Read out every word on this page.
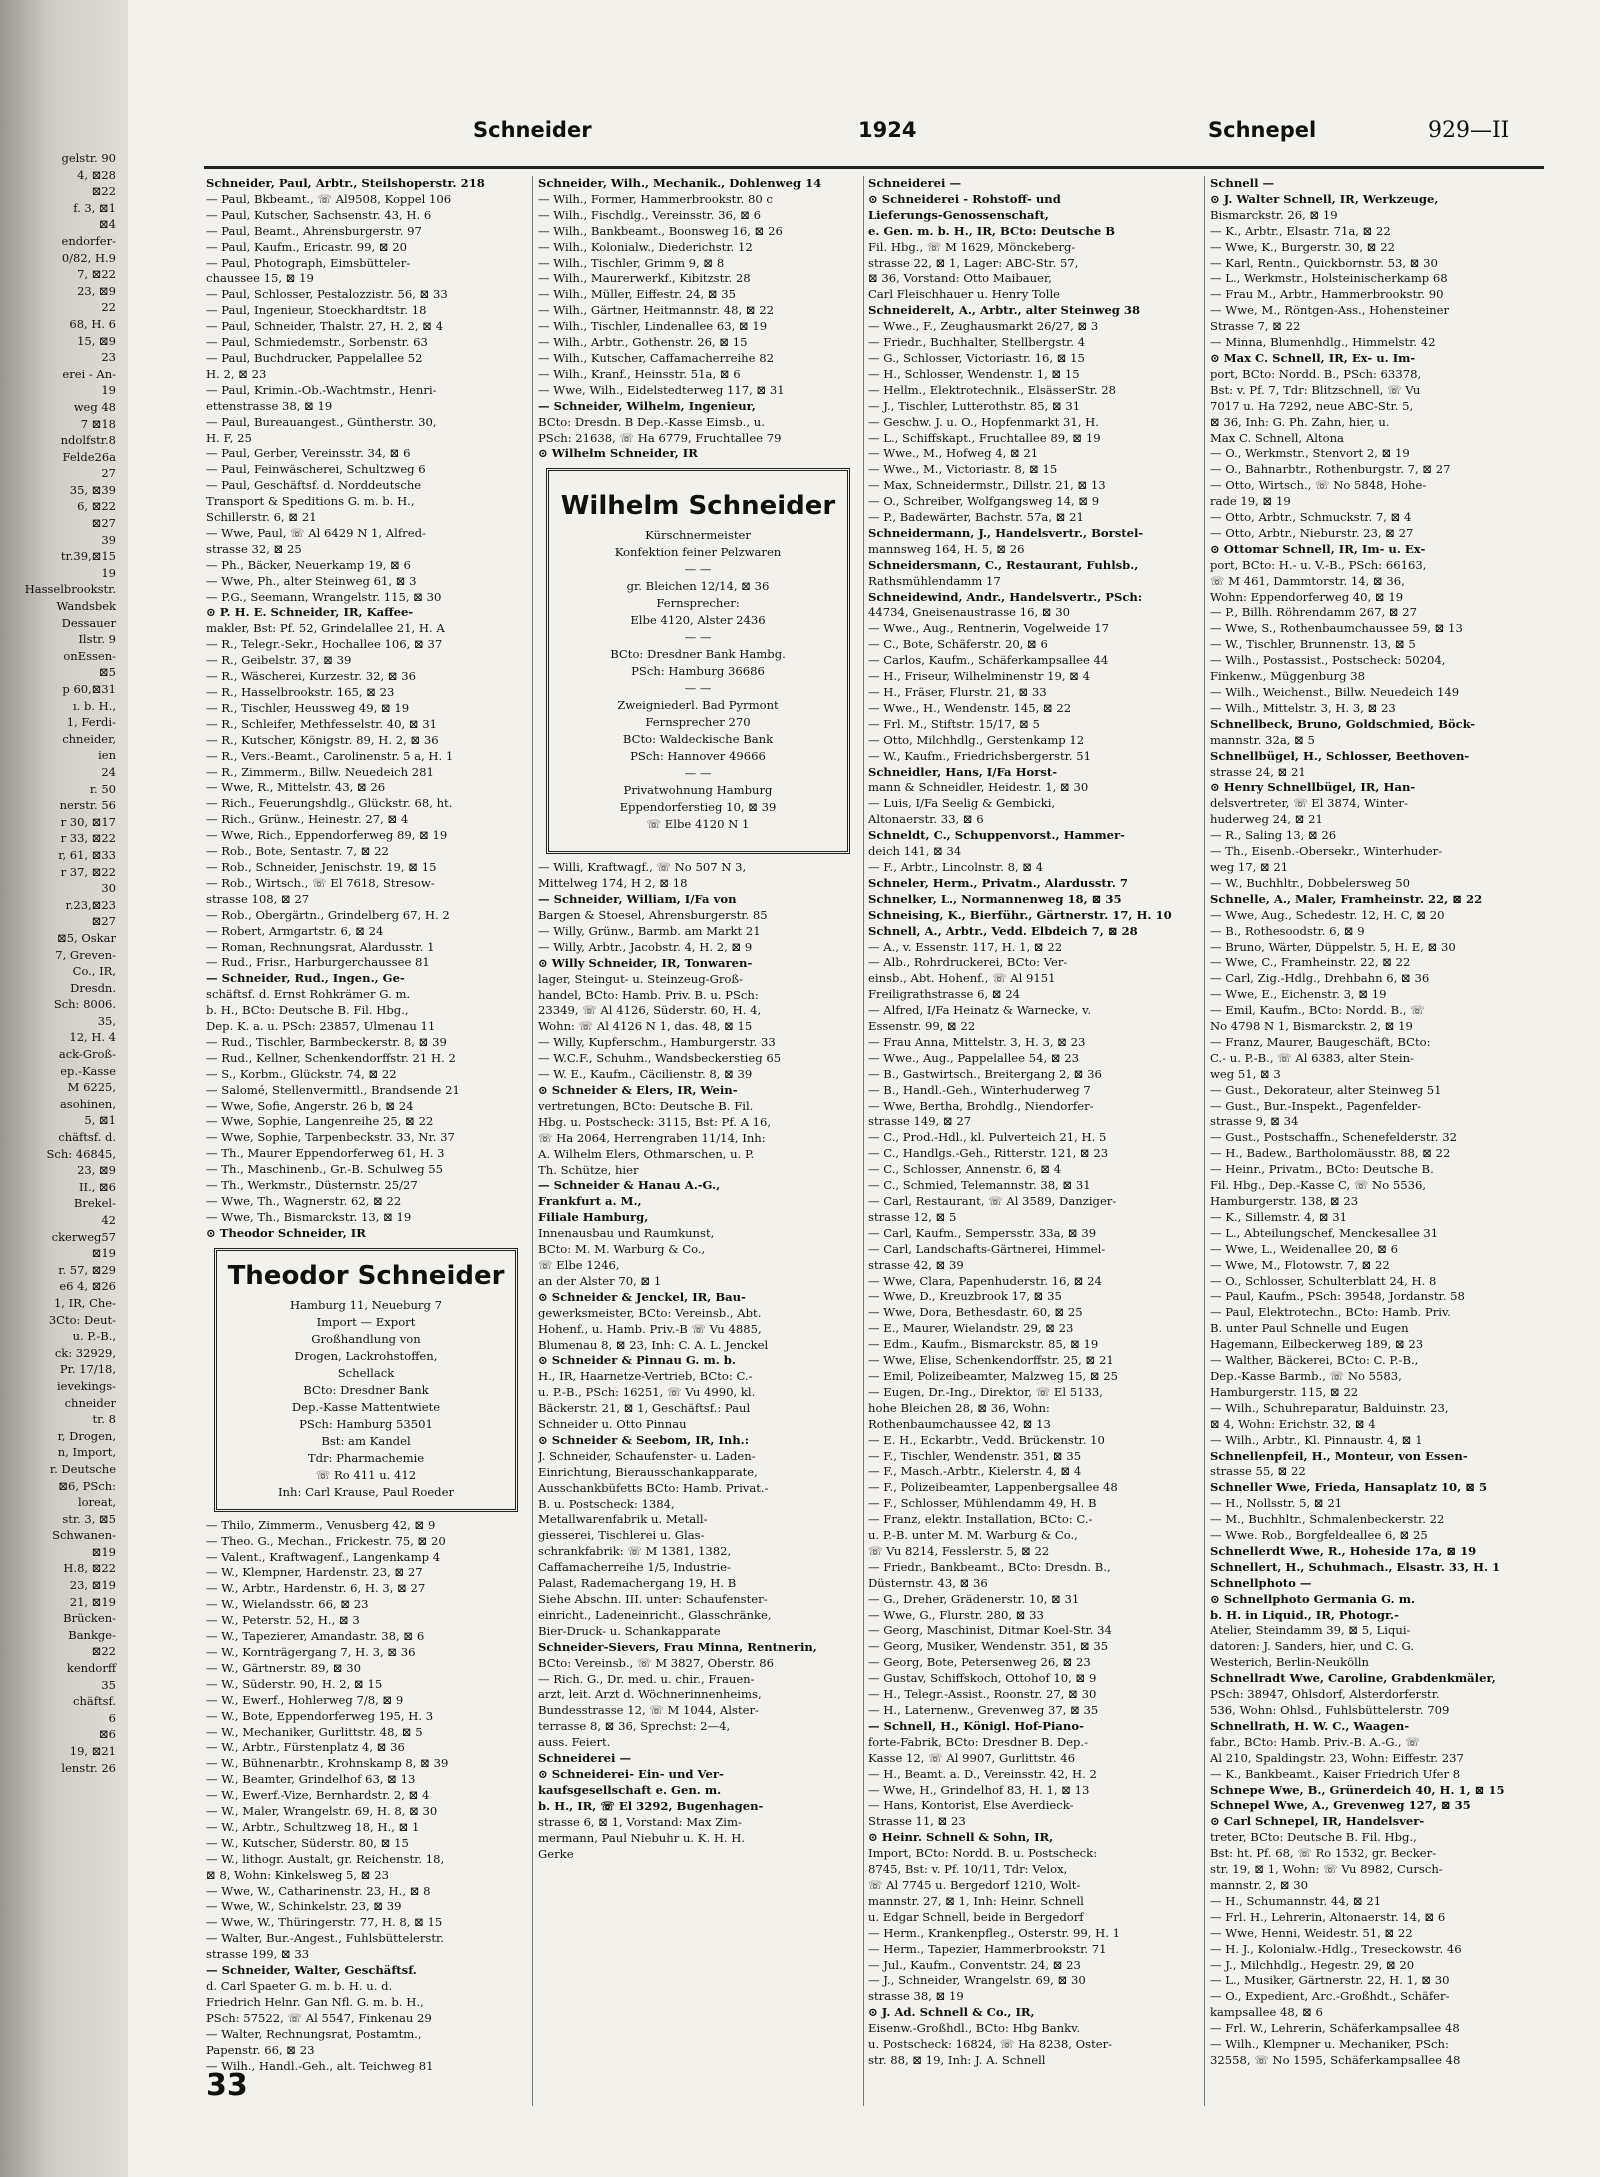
gelstr. 90
4, ⊠28
⊠22
f. 3, ⊠1
⊠4
endorfer-
0/82, H.9
7, ⊠22
23, ⊠9
22
68, H. 6
15, ⊠9
23
erei - An-
19
weg 48
7 ⊠18
ndolfstr.8
Felde26a
27
35, ⊠39
6, ⊠22
⊠27
39
tr.39,⊠15
19
Hasselbrookstr.
Wandsbek
Dessauer
Ilstr. 9
onEssen-
⊠5
p 60,⊠31
ı. b. H.,
1, Ferdi-
chneider,
ien
24
r. 50
nerstr. 56
r 30, ⊠17
r 33, ⊠22
r, 61, ⊠33
r 37, ⊠22
30
r.23,⊠23
⊠27
⊠5, Oskar
7, Greven-
Co., IR,
Dresdn.
Sch: 8006.
35,
12, H. 4
ack-Groß-
ep.-Kasse
M 6225,
asohinen,
5, ⊠1
chäftsf. d.
Sch: 46845,
23, ⊠9
II., ⊠6
Brekel-
42
ckerweg57
⊠19
r. 57, ⊠29
e6 4, ⊠26
1, IR, Che-
3Cto: Deut-
u. P.-B.,
ck: 32929,
Pr. 17/18,
ievekings-
chneider
tr. 8
r, Drogen,
n, Import,
r. Deutsche
⊠6, PSch:
loreat,
str. 3, ⊠5
Schwanen-
⊠19
H.8, ⊠22
23, ⊠19
21, ⊠19
Brücken-
Bankge-
⊠22
kendorff
35
chäftsf.
6
⊠6
19, ⊠21
lenstr. 26
Schneider	1924	Schnepel	929—II
Schneider, Paul, Arbtr., Steilshoperstr. 218
— Paul, Bkbeamt., ☏ Al9508, Koppel 106
— Paul, Kutscher, Sachsenstr. 43, H. 6
— Paul, Beamt., Ahrensburgerstr. 97
— Paul, Kaufm., Ericastr. 99, ⊠ 20
— Paul, Photograph, Eimsbütteler-
chaussee 15, ⊠ 19
— Paul, Schlosser, Pestalozzistr. 56, ⊠ 33
— Paul, Ingenieur, Stoeckhardtstr. 18
— Paul, Schneider, Thalstr. 27, H. 2, ⊠ 4
— Paul, Schmiedemstr., Sorbenstr. 63
— Paul, Buchdrucker, Pappelallee 52
H. 2, ⊠ 23
— Paul, Krimin.-Ob.-Wachtmstr., Henri-
ettenstrasse 38, ⊠ 19
— Paul, Bureauangest., Güntherstr. 30,
H. F, 25
— Paul, Gerber, Vereinsstr. 34, ⊠ 6
— Paul, Feinwäscherei, Schultzweg 6
— Paul, Geschäftsf. d. Norddeutsche
Transport & Speditions G. m. b. H.,
Schillerstr. 6, ⊠ 21
— Wwe, Paul, ☏ Al 6429 N 1, Alfred-
strasse 32, ⊠ 25
— Ph., Bäcker, Neuerkamp 19, ⊠ 6
— Wwe, Ph., alter Steinweg 61, ⊠ 3
— P.G., Seemann, Wrangelstr. 115, ⊠ 30
⊙ P. H. E. Schneider, IR, Kaffee-
makler, Bst: Pf. 52, Grindelallee 21, H. A
— R., Telegr.-Sekr., Hochallee 106, ⊠ 37
— R., Geibelstr. 37, ⊠ 39
— R., Wäscherei, Kurzestr. 32, ⊠ 36
— R., Hasselbrookstr. 165, ⊠ 23
— R., Tischler, Heussweg 49, ⊠ 19
— R., Schleifer, Methfesselstr. 40, ⊠ 31
— R., Kutscher, Königstr. 89, H. 2, ⊠ 36
— R., Vers.-Beamt., Carolinenstr. 5 a, H. 1
— R., Zimmerm., Billw. Neuedeich 281
— Wwe, R., Mittelstr. 43, ⊠ 26
— Rich., Feuerungshdlg., Glückstr. 68, ht.
— Rich., Grünw., Heinestr. 27, ⊠ 4
— Wwe, Rich., Eppendorferweg 89, ⊠ 19
— Rob., Bote, Sentastr. 7, ⊠ 22
— Rob., Schneider, Jenischstr. 19, ⊠ 15
— Rob., Wirtsch., ☏ El 7618, Stresow-
strasse 108, ⊠ 27
— Rob., Obergärtn., Grindelberg 67, H. 2
— Robert, Armgartstr. 6, ⊠ 24
— Roman, Rechnungsrat, Alardusstr. 1
— Rud., Frisr., Harburgerchaussee 81
— Schneider, Rud., Ingen., Ge-
schäftsf. d. Ernst Rohkrämer G. m.
b. H., BCto: Deutsche B. Fil. Hbg.,
Dep. K. a. u. PSch: 23857, Ulmenau 11
— Rud., Tischler, Barmbeckerstr. 8, ⊠ 39
— Rud., Kellner, Schenkendorffstr. 21 H. 2
— S., Korbm., Glückstr. 74, ⊠ 22
— Salomé, Stellenvermittl., Brandsende 21
— Wwe, Sofie, Angerstr. 26 b, ⊠ 24
— Wwe, Sophie, Langenreihe 25, ⊠ 22
— Wwe, Sophie, Tarpenbeckstr. 33, Nr. 37
— Th., Maurer Eppendorferweg 61, H. 3
— Th., Maschinenb., Gr.-B. Schulweg 55
— Th., Werkmstr., Düsternstr. 25/27
— Wwe, Th., Wagnerstr. 62, ⊠ 22
— Wwe, Th., Bismarckstr. 13, ⊠ 19
⊙ Theodor Schneider, IR
Theodor Schneider
Hamburg 11, Neueburg 7
Import — Export
Großhandlung von
Drogen, Lackrohstoffen,
Schellack
BCto: Dresdner Bank
Dep.-Kasse Mattentwiete
PSch: Hamburg 53501
Bst: am Kandel
Tdr: Pharmachemie
☏ Ro 411 u. 412
Inh: Carl Krause, Paul Roeder
— Thilo, Zimmerm., Venusberg 42, ⊠ 9
— Theo. G., Mechan., Frickestr. 75, ⊠ 20
— Valent., Kraftwagenf., Langenkamp 4
— W., Klempner, Hardenstr. 23, ⊠ 27
— W., Arbtr., Hardenstr. 6, H. 3, ⊠ 27
— W., Wielandsstr. 66, ⊠ 23
— W., Peterstr. 52, H., ⊠ 3
— W., Tapezierer, Amandastr. 38, ⊠ 6
— W., Kornträgergang 7, H. 3, ⊠ 36
— W., Gärtnerstr. 89, ⊠ 30
— W., Süderstr. 90, H. 2, ⊠ 15
— W., Ewerf., Hohlerweg 7/8, ⊠ 9
— W., Bote, Eppendorferweg 195, H. 3
— W., Mechaniker, Gurlittstr. 48, ⊠ 5
— W., Arbtr., Fürstenplatz 4, ⊠ 36
— W., Bühnenarbtr., Krohnskamp 8, ⊠ 39
— W., Beamter, Grindelhof 63, ⊠ 13
— W., Ewerf.-Vize, Bernhardstr. 2, ⊠ 4
— W., Maler, Wrangelstr. 69, H. 8, ⊠ 30
— W., Arbtr., Schultzweg 18, H., ⊠ 1
— W., Kutscher, Süderstr. 80, ⊠ 15
— W., lithogr. Austalt, gr. Reichenstr. 18,
⊠ 8, Wohn: Kinkelsweg 5, ⊠ 23
— Wwe, W., Catharinenstr. 23, H., ⊠ 8
— Wwe, W., Schinkelstr. 23, ⊠ 39
— Wwe, W., Thüringerstr. 77, H. 8, ⊠ 15
— Walter, Bur.-Angest., Fuhlsbüttelerstr.
strasse 199, ⊠ 33
— Schneider, Walter, Geschäftsf.
d. Carl Spaeter G. m. b. H. u. d.
Friedrich Helnr. Gan Nfl. G. m. b. H.,
PSch: 57522, ☏ Al 5547, Finkenau 29
— Walter, Rechnungsrat, Postamtm.,
Papenstr. 66, ⊠ 23
— Wilh., Handl.-Geh., alt. Teichweg 81
Schneider, Wilh., Mechanik., Dohlenweg 14
— Wilh., Former, Hammerbrookstr. 80 c
— Wilh., Fischdlg., Vereinsstr. 36, ⊠ 6
— Wilh., Bankbeamt., Boonsweg 16, ⊠ 26
— Wilh., Kolonialw., Diederichstr. 12
— Wilh., Tischler, Grimm 9, ⊠ 8
— Wilh., Maurerwerkf., Kibitzstr. 28
— Wilh., Müller, Eiffestr. 24, ⊠ 35
— Wilh., Gärtner, Heitmannstr. 48, ⊠ 22
— Wilh., Tischler, Lindenallee 63, ⊠ 19
— Wilh., Arbtr., Gothenstr. 26, ⊠ 15
— Wilh., Kutscher, Caffamacherreihe 82
— Wilh., Kranf., Heinsstr. 51a, ⊠ 6
— Wwe, Wilh., Eidelstedterweg 117, ⊠ 31
— Schneider, Wilhelm, Ingenieur,
BCto: Dresdn. B Dep.-Kasse Eimsb., u.
PSch: 21638, ☏ Ha 6779, Fruchtallee 79
⊙ Wilhelm Schneider, IR
Wilhelm Schneider
Kürschnermeister
Konfektion feiner Pelzwaren
— —
gr. Bleichen 12/14, ⊠ 36
Fernsprecher:
Elbe 4120, Alster 2436
— —
BCto: Dresdner Bank Hambg.
PSch: Hamburg 36686
— —
Zweigniederl. Bad Pyrmont
Fernsprecher 270
BCto: Waldeckische Bank
PSch: Hannover 49666
— —
Privatwohnung Hamburg
Eppendorferstieg 10, ⊠ 39
☏ Elbe 4120 N 1
— Willi, Kraftwagf., ☏ No 507 N 3,
Mittelweg 174, H 2, ⊠ 18
— Schneider, William, I/Fa von
Bargen & Stoesel, Ahrensburgerstr. 85
— Willy, Grünw., Barmb. am Markt 21
— Willy, Arbtr., Jacobstr. 4, H. 2, ⊠ 9
⊙ Willy Schneider, IR, Tonwaren-
lager, Steingut- u. Steinzeug-Groß-
handel, BCto: Hamb. Priv. B. u. PSch:
23349, ☏ Al 4126, Süderstr. 60, H. 4,
Wohn: ☏ Al 4126 N 1, das. 48, ⊠ 15
— Willy, Kupferschm., Hamburgerstr. 33
— W.C.F., Schuhm., Wandsbeckerstieg 65
— W. E., Kaufm., Cäcilienstr. 8, ⊠ 39
⊙ Schneider & Elers, IR, Wein-
vertretungen, BCto: Deutsche B. Fil.
Hbg. u. Postscheck: 3115, Bst: Pf. A 16,
☏ Ha 2064, Herrengraben 11/14, Inh:
A. Wilhelm Elers, Othmarschen, u. P.
Th. Schütze, hier
— Schneider & Hanau A.-G.,
Frankfurt a. M.,
Filiale Hamburg,
Innenausbau und Raumkunst,
BCto: M. M. Warburg & Co.,
☏ Elbe 1246,
an der Alster 70, ⊠ 1
⊙ Schneider & Jenckel, IR, Bau-
gewerksmeister, BCto: Vereinsb., Abt.
Hohenf., u. Hamb. Priv.-B ☏ Vu 4885,
Blumenau 8, ⊠ 23, Inh: C. A. L. Jenckel
⊙ Schneider & Pinnau G. m. b.
H., IR, Haarnetze-Vertrieb, BCto: C.-
u. P.-B., PSch: 16251, ☏ Vu 4990, kl.
Bäckerstr. 21, ⊠ 1, Geschäftsf.: Paul
Schneider u. Otto Pinnau
⊙ Schneider & Seebom, IR, Inh.:
J. Schneider, Schaufenster- u. Laden-
Einrichtung, Bierausschankapparate,
Ausschankbüfetts BCto: Hamb. Privat.-
B. u. Postscheck: 1384,
Metallwarenfabrik u. Metall-
giesserei, Tischlerei u. Glas-
schrankfabrik: ☏ M 1381, 1382,
Caffamacherreihe 1/5, Industrie-
Palast, Rademachergang 19, H. B
Siehe Abschn. III. unter: Schaufenster-
einricht., Ladeneinricht., Glasschränke,
Bier-Druck- u. Schankapparate
Schneider-Sievers, Frau Minna, Rentnerin,
BCto: Vereinsb., ☏ M 3827, Oberstr. 86
— Rich. G., Dr. med. u. chir., Frauen-
arzt, leit. Arzt d. Wöchnerinnenheims,
Bundesstrasse 12, ☏ M 1044, Alster-
terrasse 8, ⊠ 36, Sprechst: 2—4,
auss. Feiert.
Schneiderei —
⊙ Schneiderei- Ein- und Ver-
kaufsgesellschaft e. Gen. m.
b. H., IR, ☏ El 3292, Bugenhagen-
strasse 6, ⊠ 1, Vorstand: Max Zim-
mermann, Paul Niebuhr u. K. H. H.
Gerke
Schneiderei —
⊙ Schneiderei - Rohstoff- und
Lieferungs-Genossenschaft,
e. Gen. m. b. H., IR, BCto: Deutsche B
Fil. Hbg., ☏ M 1629, Mönckeberg-
strasse 22, ⊠ 1, Lager: ABC-Str. 57,
⊠ 36, Vorstand: Otto Maibauer,
Carl Fleischhauer u. Henry Tolle
Schneiderelt, A., Arbtr., alter Steinweg 38
— Wwe., F., Zeughausmarkt 26/27, ⊠ 3
— Friedr., Buchhalter, Stellbergstr. 4
— G., Schlosser, Victoriastr. 16, ⊠ 15
— H., Schlosser, Wendenstr. 1, ⊠ 15
— Hellm., Elektrotechnik., ElsässerStr. 28
— J., Tischler, Lutterothstr. 85, ⊠ 31
— Geschw. J. u. O., Hopfenmarkt 31, H.
— L., Schiffskapt., Fruchtallee 89, ⊠ 19
— Wwe., M., Hofweg 4, ⊠ 21
— Wwe., M., Victoriastr. 8, ⊠ 15
— Max, Schneidermstr., Dillstr. 21, ⊠ 13
— O., Schreiber, Wolfgangsweg 14, ⊠ 9
— P., Badewärter, Bachstr. 57a, ⊠ 21
Schneidermann, J., Handelsvertr., Borstel-
mannsweg 164, H. 5, ⊠ 26
Schneidersmann, C., Restaurant, Fuhlsb.,
Rathsmühlendamm 17
Schneidewind, Andr., Handelsvertr., PSch:
44734, Gneisenaustrasse 16, ⊠ 30
— Wwe., Aug., Rentnerin, Vogelweide 17
— C., Bote, Schäferstr. 20, ⊠ 6
— Carlos, Kaufm., Schäferkampsallee 44
— H., Friseur, Wilhelminenstr 19, ⊠ 4
— H., Fräser, Flurstr. 21, ⊠ 33
— Wwe., H., Wendenstr. 145, ⊠ 22
— Frl. M., Stiftstr. 15/17, ⊠ 5
— Otto, Milchhdlg., Gerstenkamp 12
— W., Kaufm., Friedrichsbergerstr. 51
Schneidler, Hans, I/Fa Horst-
mann & Schneidler, Heidestr. 1, ⊠ 30
— Luis, I/Fa Seelig & Gembicki,
Altonaerstr. 33, ⊠ 6
Schneldt, C., Schuppenvorst., Hammer-
deich 141, ⊠ 34
— F., Arbtr., Lincolnstr. 8, ⊠ 4
Schneler, Herm., Privatm., Alardusstr. 7
Schnelker, L., Normannenweg 18, ⊠ 35
Schneising, K., Bierführ., Gärtnerstr. 17, H. 10
Schnell, A., Arbtr., Vedd. Elbdeich 7, ⊠ 28
— A., v. Essenstr. 117, H. 1, ⊠ 22
— Alb., Rohrdruckerei, BCto: Ver-
einsb., Abt. Hohenf., ☏ Al 9151
Freiligrathstrasse 6, ⊠ 24
— Alfred, I/Fa Heinatz & Warnecke, v.
Essenstr. 99, ⊠ 22
— Frau Anna, Mittelstr. 3, H. 3, ⊠ 23
— Wwe., Aug., Pappelallee 54, ⊠ 23
— B., Gastwirtsch., Breitergang 2, ⊠ 36
— B., Handl.-Geh., Winterhuderweg 7
— Wwe, Bertha, Brohdlg., Niendorfer-
strasse 149, ⊠ 27
— C., Prod.-Hdl., kl. Pulverteich 21, H. 5
— C., Handlgs.-Geh., Ritterstr. 121, ⊠ 23
— C., Schlosser, Annenstr. 6, ⊠ 4
— C., Schmied, Telemannstr. 38, ⊠ 31
— Carl, Restaurant, ☏ Al 3589, Danziger-
strasse 12, ⊠ 5
— Carl, Kaufm., Sempersstr. 33a, ⊠ 39
— Carl, Landschafts-Gärtnerei, Himmel-
strasse 42, ⊠ 39
— Wwe, Clara, Papenhuderstr. 16, ⊠ 24
— Wwe, D., Kreuzbrook 17, ⊠ 35
— Wwe, Dora, Bethesdastr. 60, ⊠ 25
— E., Maurer, Wielandstr. 29, ⊠ 23
— Edm., Kaufm., Bismarckstr. 85, ⊠ 19
— Wwe, Elise, Schenkendorffstr. 25, ⊠ 21
— Emil, Polizeibeamter, Malzweg 15, ⊠ 25
— Eugen, Dr.-Ing., Direktor, ☏ El 5133,
hohe Bleichen 28, ⊠ 36, Wohn:
Rothenbaumchaussee 42, ⊠ 13
— E. H., Eckarbtr., Vedd. Brückenstr. 10
— F., Tischler, Wendenstr. 351, ⊠ 35
— F., Masch.-Arbtr., Kielerstr. 4, ⊠ 4
— F., Polizeibeamter, Lappenbergsallee 48
— F., Schlosser, Mühlendamm 49, H. B
— Franz, elektr. Installation, BCto: C.-
u. P.-B. unter M. M. Warburg & Co.,
☏ Vu 8214, Fesslerstr. 5, ⊠ 22
— Friedr., Bankbeamt., BCto: Dresdn. B.,
Düsternstr. 43, ⊠ 36
— G., Dreher, Grädenerstr. 10, ⊠ 31
— Wwe, G., Flurstr. 280, ⊠ 33
— Georg, Maschinist, Ditmar Koel-Str. 34
— Georg, Musiker, Wendenstr. 351, ⊠ 35
— Georg, Bote, Petersenweg 26, ⊠ 23
— Gustav, Schiffskoch, Ottohof 10, ⊠ 9
— H., Telegr.-Assist., Roonstr. 27, ⊠ 30
— H., Laternenw., Grevenweg 37, ⊠ 35
— Schnell, H., Königl. Hof-Piano-
forte-Fabrik, BCto: Dresdner B. Dep.-
Kasse 12, ☏ Al 9907, Gurlittstr. 46
— H., Beamt. a. D., Vereinsstr. 42, H. 2
— Wwe, H., Grindelhof 83, H. 1, ⊠ 13
— Hans, Kontorist, Else Averdieck-
Strasse 11, ⊠ 23
⊙ Heinr. Schnell & Sohn, IR,
Import, BCto: Nordd. B. u. Postscheck:
8745, Bst: v. Pf. 10/11, Tdr: Velox,
☏ Al 7745 u. Bergedorf 1210, Wolt-
mannstr. 27, ⊠ 1, Inh: Heinr. Schnell
u. Edgar Schnell, beide in Bergedorf
— Herm., Krankenpfleg., Osterstr. 99, H. 1
— Herm., Tapezier, Hammerbrookstr. 71
— Jul., Kaufm., Conventstr. 24, ⊠ 23
— J., Schneider, Wrangelstr. 69, ⊠ 30
strasse 38, ⊠ 19
⊙ J. Ad. Schnell & Co., IR,
Eisenw.-Großhdl., BCto: Hbg Bankv.
u. Postscheck: 16824, ☏ Ha 8238, Oster-
str. 88, ⊠ 19, Inh: J. A. Schnell
Schnell —
⊙ J. Walter Schnell, IR, Werkzeuge,
Bismarckstr. 26, ⊠ 19
— K., Arbtr., Elsastr. 71a, ⊠ 22
— Wwe, K., Burgerstr. 30, ⊠ 22
— Karl, Rentn., Quickbornstr. 53, ⊠ 30
— L., Werkmstr., Holsteinischerkamp 68
— Frau M., Arbtr., Hammerbrookstr. 90
— Wwe, M., Röntgen-Ass., Hohensteiner
Strasse 7, ⊠ 22
— Minna, Blumenhdlg., Himmelstr. 42
⊙ Max C. Schnell, IR, Ex- u. Im-
port, BCto: Nordd. B., PSch: 63378,
Bst: v. Pf. 7, Tdr: Blitzschnell, ☏ Vu
7017 u. Ha 7292, neue ABC-Str. 5,
⊠ 36, Inh: G. Ph. Zahn, hier, u.
Max C. Schnell, Altona
— O., Werkmstr., Stenvort 2, ⊠ 19
— O., Bahnarbtr., Rothenburgstr. 7, ⊠ 27
— Otto, Wirtsch., ☏ No 5848, Hohe-
rade 19, ⊠ 19
— Otto, Arbtr., Schmuckstr. 7, ⊠ 4
— Otto, Arbtr., Nieburstr. 23, ⊠ 27
⊙ Ottomar Schnell, IR, Im- u. Ex-
port, BCto: H.- u. V.-B., PSch: 66163,
☏ M 461, Dammtorstr. 14, ⊠ 36,
Wohn: Eppendorferweg 40, ⊠ 19
— P., Billh. Röhrendamm 267, ⊠ 27
— Wwe, S., Rothenbaumchaussee 59, ⊠ 13
— W., Tischler, Brunnenstr. 13, ⊠ 5
— Wilh., Postassist., Postscheck: 50204,
Finkenw., Müggenburg 38
— Wilh., Weichenst., Billw. Neuedeich 149
— Wilh., Mittelstr. 3, H. 3, ⊠ 23
Schnellbeck, Bruno, Goldschmied, Böck-
mannstr. 32a, ⊠ 5
Schnellbügel, H., Schlosser, Beethoven-
strasse 24, ⊠ 21
⊙ Henry Schnellbügel, IR, Han-
delsvertreter, ☏ El 3874, Winter-
huderweg 24, ⊠ 21
— R., Saling 13, ⊠ 26
— Th., Eisenb.-Obersekr., Winterhuder-
weg 17, ⊠ 21
— W., Buchhltr., Dobbelersweg 50
Schnelle, A., Maler, Framheinstr. 22, ⊠ 22
— Wwe, Aug., Schedestr. 12, H. C, ⊠ 20
— B., Rothesoodstr. 6, ⊠ 9
— Bruno, Wärter, Düppelstr. 5, H. E, ⊠ 30
— Wwe, C., Framheinstr. 22, ⊠ 22
— Carl, Zig.-Hdlg., Drehbahn 6, ⊠ 36
— Wwe, E., Eichenstr. 3, ⊠ 19
— Emil, Kaufm., BCto: Nordd. B., ☏
No 4798 N 1, Bismarckstr. 2, ⊠ 19
— Franz, Maurer, Baugeschäft, BCto:
C.- u. P.-B., ☏ Al 6383, alter Stein-
weg 51, ⊠ 3
— Gust., Dekorateur, alter Steinweg 51
— Gust., Bur.-Inspekt., Pagenfelder-
strasse 9, ⊠ 34
— Gust., Postschaffn., Schenefelderstr. 32
— H., Badew., Bartholomäusstr. 88, ⊠ 22
— Heinr., Privatm., BCto: Deutsche B.
Fil. Hbg., Dep.-Kasse C, ☏ No 5536,
Hamburgerstr. 138, ⊠ 23
— K., Sillemstr. 4, ⊠ 31
— L., Abteilungschef, Menckesallee 31
— Wwe, L., Weidenallee 20, ⊠ 6
— Wwe, M., Flotowstr. 7, ⊠ 22
— O., Schlosser, Schulterblatt 24, H. 8
— Paul, Kaufm., PSch: 39548, Jordanstr. 58
— Paul, Elektrotechn., BCto: Hamb. Priv.
B. unter Paul Schnelle und Eugen
Hagemann, Eilbeckerweg 189, ⊠ 23
— Walther, Bäckerei, BCto: C. P.-B.,
Dep.-Kasse Barmb., ☏ No 5583,
Hamburgerstr. 115, ⊠ 22
— Wilh., Schuhreparatur, Balduinstr. 23,
⊠ 4, Wohn: Erichstr. 32, ⊠ 4
— Wilh., Arbtr., Kl. Pinnaustr. 4, ⊠ 1
Schnellenpfeil, H., Monteur, von Essen-
strasse 55, ⊠ 22
Schneller Wwe, Frieda, Hansaplatz 10, ⊠ 5
— H., Nollsstr. 5, ⊠ 21
— M., Buchhltr., Schmalenbeckerstr. 22
— Wwe. Rob., Borgfeldeallee 6, ⊠ 25
Schnellerdt Wwe, R., Hoheside 17a, ⊠ 19
Schnellert, H., Schuhmach., Elsastr. 33, H. 1
Schnellphoto —
⊙ Schnellphoto Germania G. m.
b. H. in Liquid., IR, Photogr.-
Atelier, Steindamm 39, ⊠ 5, Liqui-
datoren: J. Sanders, hier, und C. G.
Westerich, Berlin-Neukölln
Schnellradt Wwe, Caroline, Grabdenkmäler,
PSch: 38947, Ohlsdorf, Alsterdorferstr.
536, Wohn: Ohlsd., Fuhlsbüttelerstr. 709
Schnellrath, H. W. C., Waagen-
fabr., BCto: Hamb. Priv.-B. A.-G., ☏
Al 210, Spaldingstr. 23, Wohn: Eiffestr. 237
— K., Bankbeamt., Kaiser Friedrich Ufer 8
Schnepe Wwe, B., Grünerdeich 40, H. 1, ⊠ 15
Schnepel Wwe, A., Grevenweg 127, ⊠ 35
⊙ Carl Schnepel, IR, Handelsver-
treter, BCto: Deutsche B. Fil. Hbg.,
Bst: ht. Pf. 68, ☏ Ro 1532, gr. Becker-
str. 19, ⊠ 1, Wohn: ☏ Vu 8982, Cursch-
mannstr. 2, ⊠ 30
— H., Schumannstr. 44, ⊠ 21
— Frl. H., Lehrerin, Altonaerstr. 14, ⊠ 6
— Wwe, Henni, Weidestr. 51, ⊠ 22
— H. J., Kolonialw.-Hdlg., Treseckowstr. 46
— J., Milchhdlg., Hegestr. 29, ⊠ 20
— L., Musiker, Gärtnerstr. 22, H. 1, ⊠ 30
— O., Expedient, Arc.-Großhdt., Schäfer-
kampsallee 48, ⊠ 6
— Frl. W., Lehrerin, Schäferkampsallee 48
— Wilh., Klempner u. Mechaniker, PSch:
32558, ☏ No 1595, Schäferkampsallee 48
33
